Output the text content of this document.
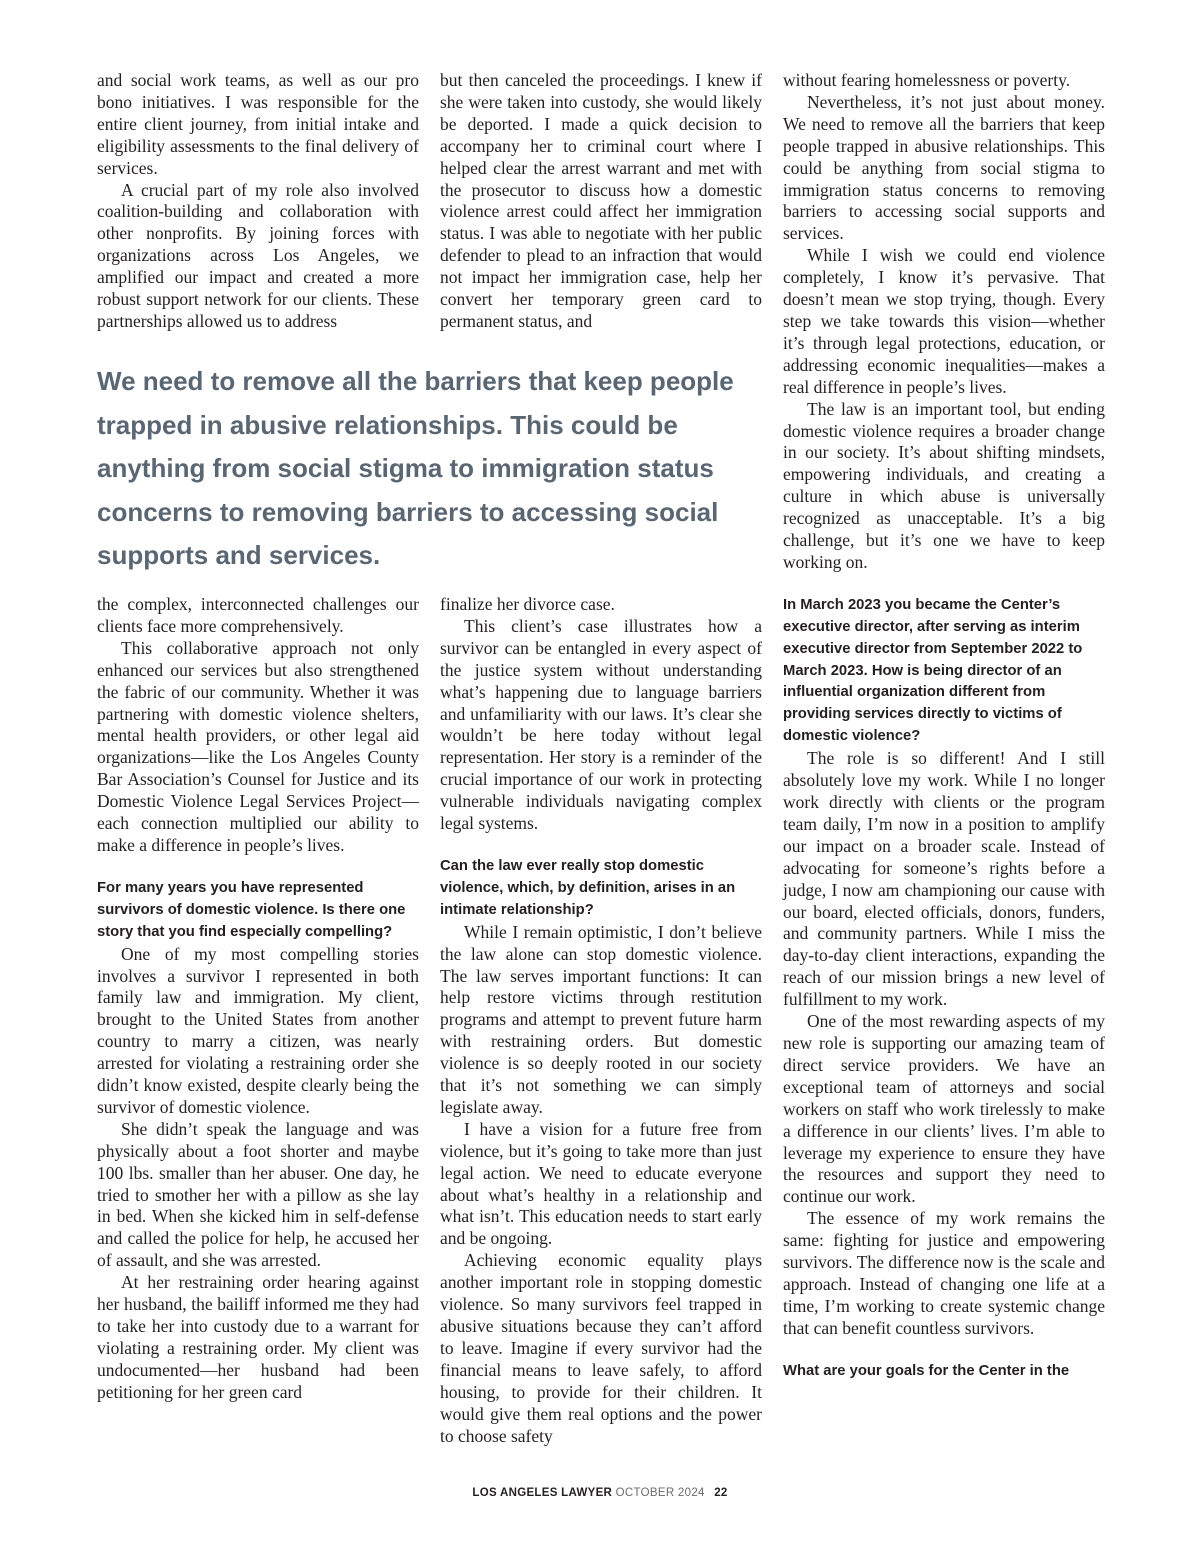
and social work teams, as well as our pro bono initiatives. I was responsible for the entire client journey, from initial intake and eligibility assessments to the final delivery of services.

A crucial part of my role also involved coalition-building and collaboration with other nonprofits. By joining forces with organizations across Los Angeles, we amplified our impact and created a more robust support network for our clients. These partnerships allowed us to address

but then canceled the proceedings. I knew if she were taken into custody, she would likely be deported. I made a quick decision to accompany her to criminal court where I helped clear the arrest warrant and met with the prosecutor to discuss how a domestic violence arrest could affect her immigration status. I was able to negotiate with her public defender to plead to an infraction that would not impact her immigration case, help her convert her temporary green card to permanent status, and

We need to remove all the barriers that keep people trapped in abusive relationships. This could be anything from social stigma to immigration status concerns to removing barriers to accessing social supports and services.

the complex, interconnected challenges our clients face more comprehensively.

This collaborative approach not only enhanced our services but also strengthened the fabric of our community. Whether it was partnering with domestic violence shelters, mental health providers, or other legal aid organizations—like the Los Angeles County Bar Association’s Counsel for Justice and its Domestic Violence Legal Services Project—each connection multiplied our ability to make a difference in people’s lives.

For many years you have represented survivors of domestic violence. Is there one story that you find especially compelling?

One of my most compelling stories involves a survivor I represented in both family law and immigration. My client, brought to the United States from another country to marry a citizen, was nearly arrested for violating a restraining order she didn’t know existed, despite clearly being the survivor of domestic violence.

She didn’t speak the language and was physically about a foot shorter and maybe 100 lbs. smaller than her abuser. One day, he tried to smother her with a pillow as she lay in bed. When she kicked him in self-defense and called the police for help, he accused her of assault, and she was arrested.

At her restraining order hearing against her husband, the bailiff informed me they had to take her into custody due to a warrant for violating a restraining order. My client was undocumented—her husband had been petitioning for her green card

finalize her divorce case.

This client’s case illustrates how a survivor can be entangled in every aspect of the justice system without understanding what’s happening due to language barriers and unfamiliarity with our laws. It’s clear she wouldn’t be here today without legal representation. Her story is a reminder of the crucial importance of our work in protecting vulnerable individuals navigating complex legal systems.

Can the law ever really stop domestic violence, which, by definition, arises in an intimate relationship?

While I remain optimistic, I don’t believe the law alone can stop domestic violence. The law serves important functions: It can help restore victims through restitution programs and attempt to prevent future harm with restraining orders. But domestic violence is so deeply rooted in our society that it’s not something we can simply legislate away.

I have a vision for a future free from violence, but it’s going to take more than just legal action. We need to educate everyone about what’s healthy in a relationship and what isn’t. This education needs to start early and be ongoing.

Achieving economic equality plays another important role in stopping domestic violence. So many survivors feel trapped in abusive situations because they can’t afford to leave. Imagine if every survivor had the financial means to leave safely, to afford housing, to provide for their children. It would give them real options and the power to choose safety

without fearing homelessness or poverty.

Nevertheless, it’s not just about money. We need to remove all the barriers that keep people trapped in abusive relationships. This could be anything from social stigma to immigration status concerns to removing barriers to accessing social supports and services.

While I wish we could end violence completely, I know it’s pervasive. That doesn’t mean we stop trying, though. Every step we take towards this vision—whether it’s through legal protections, education, or addressing economic inequalities—makes a real difference in people’s lives.

The law is an important tool, but ending domestic violence requires a broader change in our society. It’s about shifting mindsets, empowering individuals, and creating a culture in which abuse is universally recognized as unacceptable. It’s a big challenge, but it’s one we have to keep working on.

In March 2023 you became the Center’s executive director, after serving as interim executive director from September 2022 to March 2023. How is being director of an influential organization different from providing services directly to victims of domestic violence?

The role is so different! And I still absolutely love my work. While I no longer work directly with clients or the program team daily, I’m now in a position to amplify our impact on a broader scale. Instead of advocating for someone’s rights before a judge, I now am championing our cause with our board, elected officials, donors, funders, and community partners. While I miss the day-to-day client interactions, expanding the reach of our mission brings a new level of fulfillment to my work.

One of the most rewarding aspects of my new role is supporting our amazing team of direct service providers. We have an exceptional team of attorneys and social workers on staff who work tirelessly to make a difference in our clients’ lives. I’m able to leverage my experience to ensure they have the resources and support they need to continue our work.

The essence of my work remains the same: fighting for justice and empowering survivors. The difference now is the scale and approach. Instead of changing one life at a time, I’m working to create systemic change that can benefit countless survivors.

What are your goals for the Center in the

LOS ANGELES LAWYER OCTOBER 2024 22
